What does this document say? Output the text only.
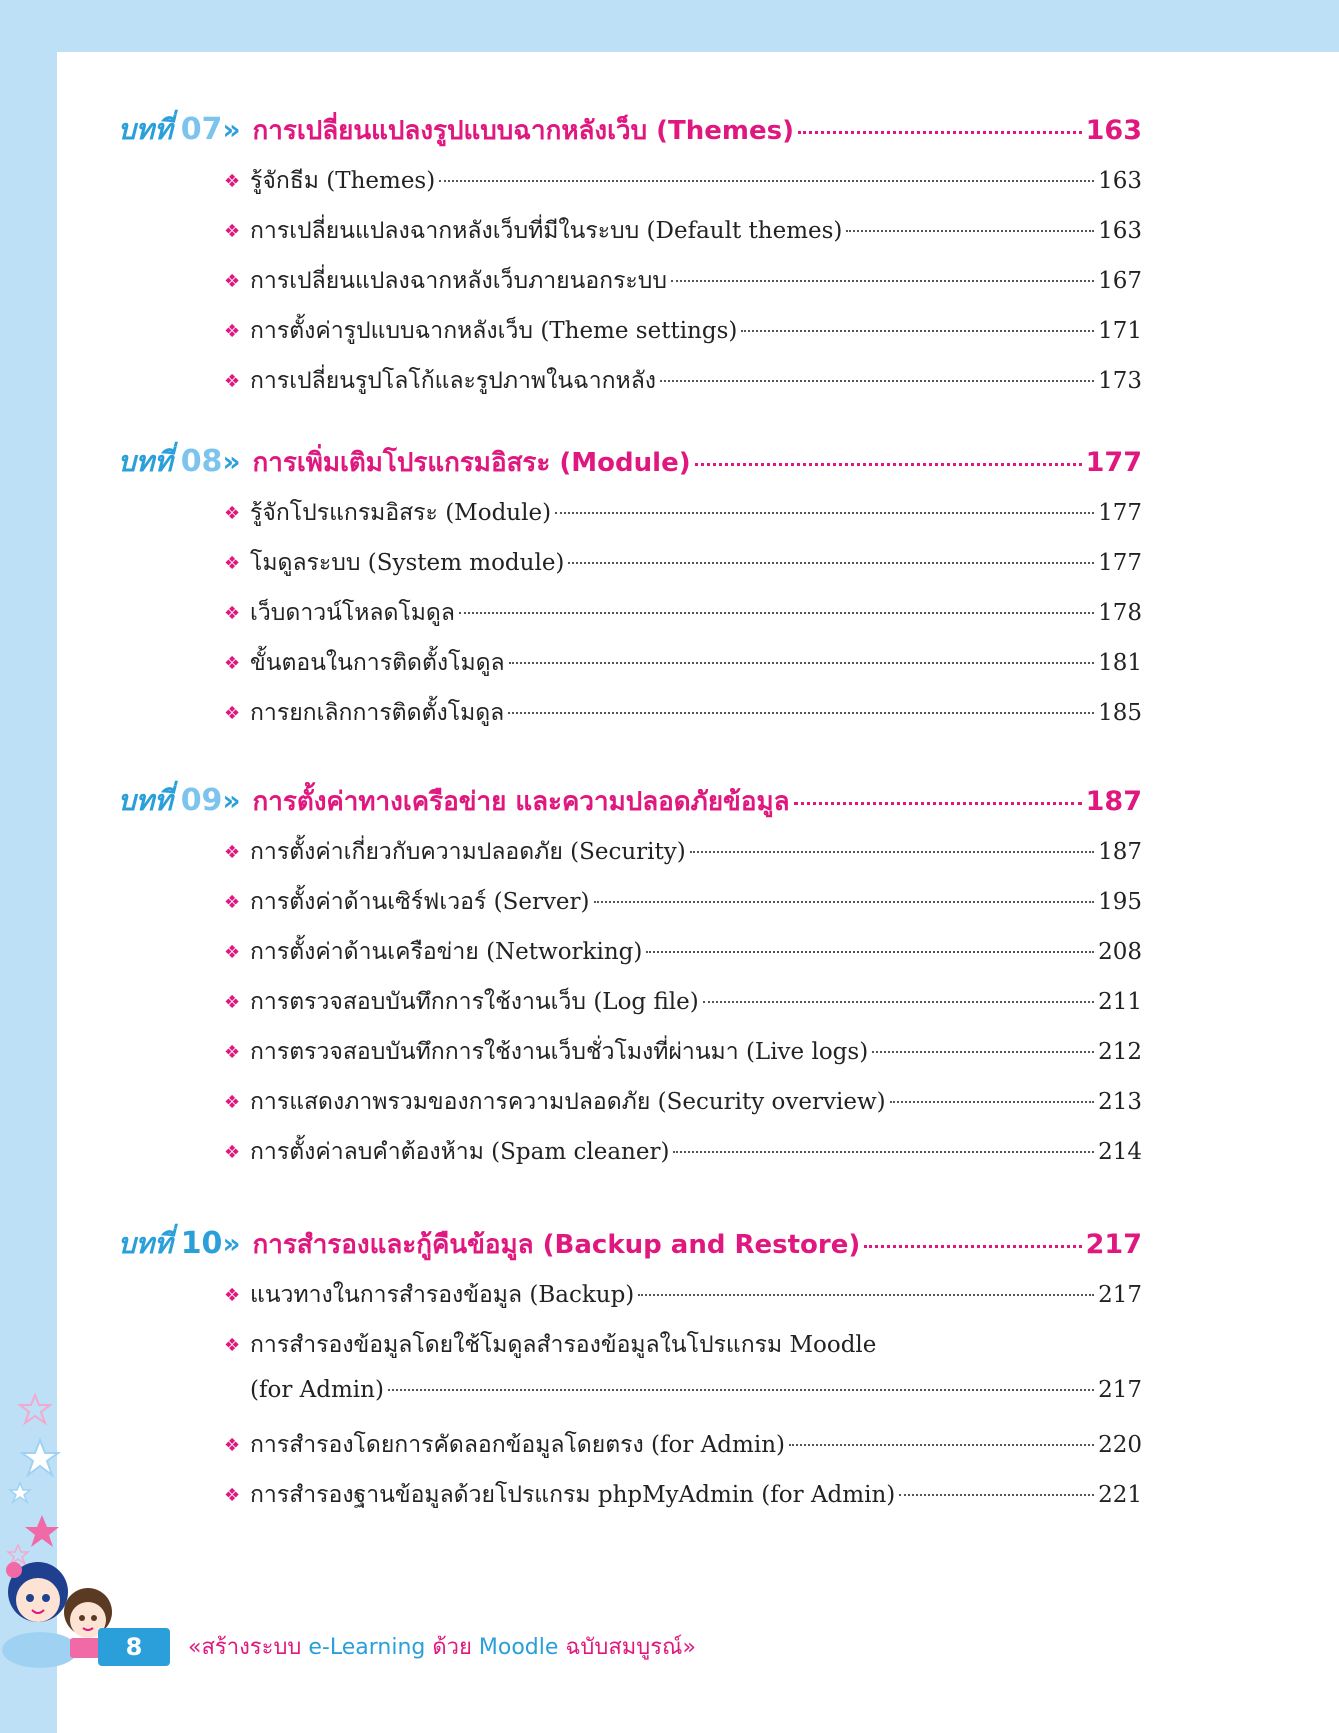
บทที่ 07 » การเปลี่ยนแปลงรูปแบบฉากหลังเว็บ (Themes)	163
❖ รู้จักธีม (Themes)	163
❖ การเปลี่ยนแปลงฉากหลังเว็บที่มีในระบบ (Default themes)	163
❖ การเปลี่ยนแปลงฉากหลังเว็บภายนอกระบบ	167
❖ การตั้งค่ารูปแบบฉากหลังเว็บ (Theme settings)	171
❖ การเปลี่ยนรูปโลโก้และรูปภาพในฉากหลัง	173
บทที่ 08 » การเพิ่มเติมโปรแกรมอิสระ (Module)	177
❖ รู้จักโปรแกรมอิสระ (Module)	177
❖ โมดูลระบบ (System module)	177
❖ เว็บดาวน์โหลดโมดูล	178
❖ ขั้นตอนในการติดตั้งโมดูล	181
❖ การยกเลิกการติดตั้งโมดูล	185
บทที่ 09 » การตั้งค่าทางเครือข่าย และความปลอดภัยข้อมูล	187
❖ การตั้งค่าเกี่ยวกับความปลอดภัย (Security)	187
❖ การตั้งค่าด้านเซิร์ฟเวอร์ (Server)	195
❖ การตั้งค่าด้านเครือข่าย (Networking)	208
❖ การตรวจสอบบันทึกการใช้งานเว็บ (Log file)	211
❖ การตรวจสอบบันทึกการใช้งานเว็บชั่วโมงที่ผ่านมา (Live logs)	212
❖ การแสดงภาพรวมของการความปลอดภัย (Security overview)	213
❖ การตั้งค่าลบคำต้องห้าม (Spam cleaner)	214
บทที่ 10 » การสำรองและกู้คืนข้อมูล (Backup and Restore)	217
❖ แนวทางในการสำรองข้อมูล (Backup)	217
❖ การสำรองข้อมูลโดยใช้โมดูลสำรองข้อมูลในโปรแกรม Moodle
(for Admin)	217
❖ การสำรองโดยการคัดลอกข้อมูลโดยตรง (for Admin)	220
❖ การสำรองฐานข้อมูลด้วยโปรแกรม phpMyAdmin (for Admin)	221
8	«สร้างระบบ e-Learning ด้วย Moodle ฉบับสมบูรณ์»
